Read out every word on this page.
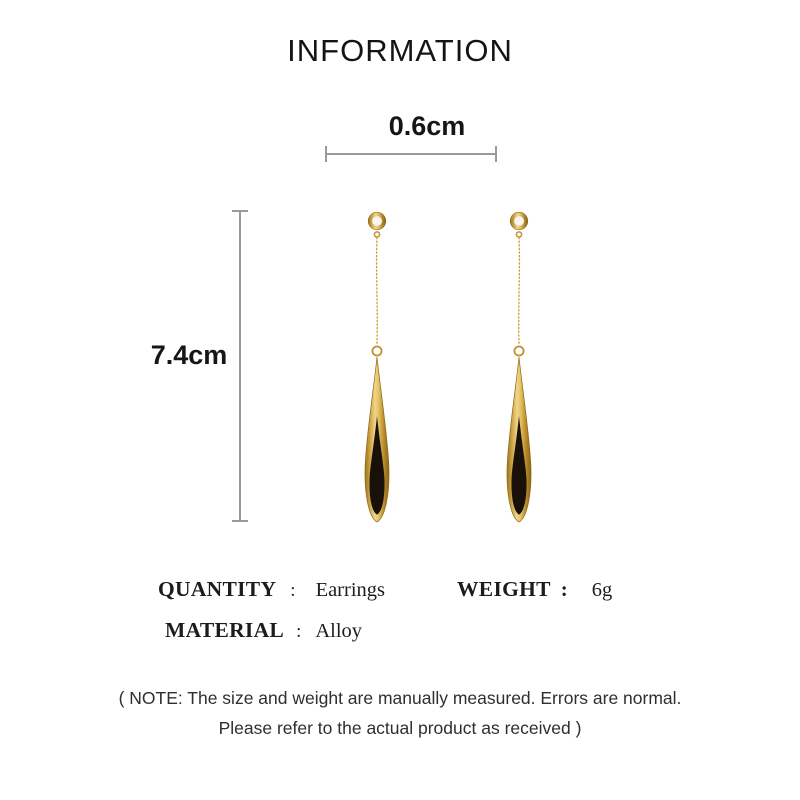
INFORMATION
0.6cm
7.4cm
QUANTITY : Earrings	WEIGHT : 6g
MATERIAL : Alloy
( NOTE: The size and weight are manually measured. Errors are normal.
Please refer to the actual product as received )
